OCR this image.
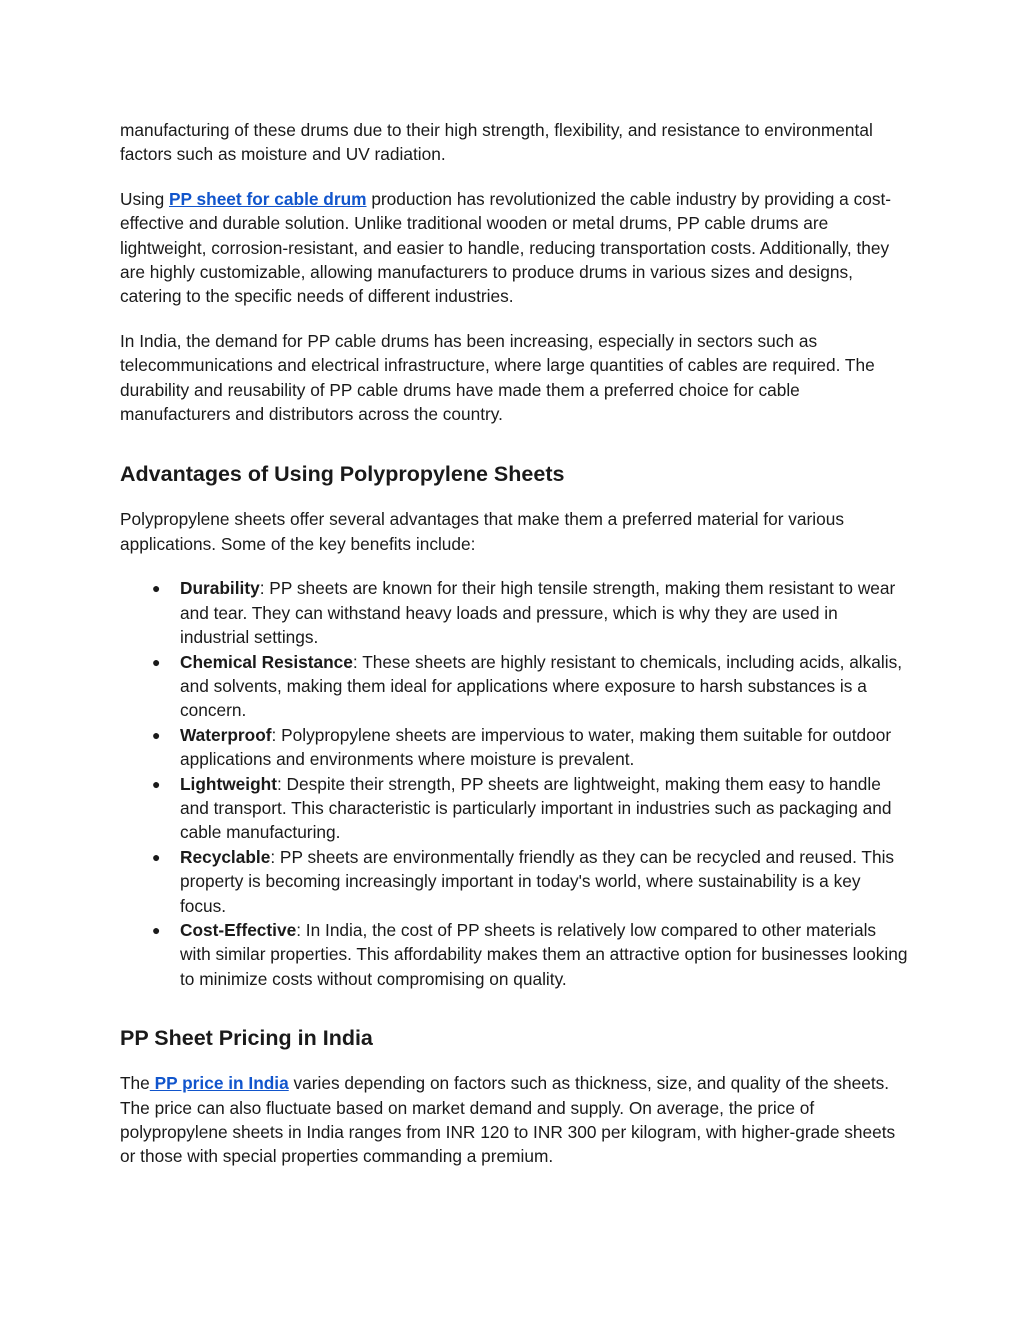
manufacturing of these drums due to their high strength, flexibility, and resistance to environmental factors such as moisture and UV radiation.

Using PP sheet for cable drum production has revolutionized the cable industry by providing a cost-effective and durable solution. Unlike traditional wooden or metal drums, PP cable drums are lightweight, corrosion-resistant, and easier to handle, reducing transportation costs. Additionally, they are highly customizable, allowing manufacturers to produce drums in various sizes and designs, catering to the specific needs of different industries.

In India, the demand for PP cable drums has been increasing, especially in sectors such as telecommunications and electrical infrastructure, where large quantities of cables are required. The durability and reusability of PP cable drums have made them a preferred choice for cable manufacturers and distributors across the country.

Advantages of Using Polypropylene Sheets

Polypropylene sheets offer several advantages that make them a preferred material for various applications. Some of the key benefits include:

● Durability: PP sheets are known for their high tensile strength, making them resistant to wear and tear. They can withstand heavy loads and pressure, which is why they are used in industrial settings.
● Chemical Resistance: These sheets are highly resistant to chemicals, including acids, alkalis, and solvents, making them ideal for applications where exposure to harsh substances is a concern.
● Waterproof: Polypropylene sheets are impervious to water, making them suitable for outdoor applications and environments where moisture is prevalent.
● Lightweight: Despite their strength, PP sheets are lightweight, making them easy to handle and transport. This characteristic is particularly important in industries such as packaging and cable manufacturing.
● Recyclable: PP sheets are environmentally friendly as they can be recycled and reused. This property is becoming increasingly important in today's world, where sustainability is a key focus.
● Cost-Effective: In India, the cost of PP sheets is relatively low compared to other materials with similar properties. This affordability makes them an attractive option for businesses looking to minimize costs without compromising on quality.
PP Sheet Pricing in India

The PP price in India varies depending on factors such as thickness, size, and quality of the sheets. The price can also fluctuate based on market demand and supply. On average, the price of polypropylene sheets in India ranges from INR 120 to INR 300 per kilogram, with higher-grade sheets or those with special properties commanding a premium.
